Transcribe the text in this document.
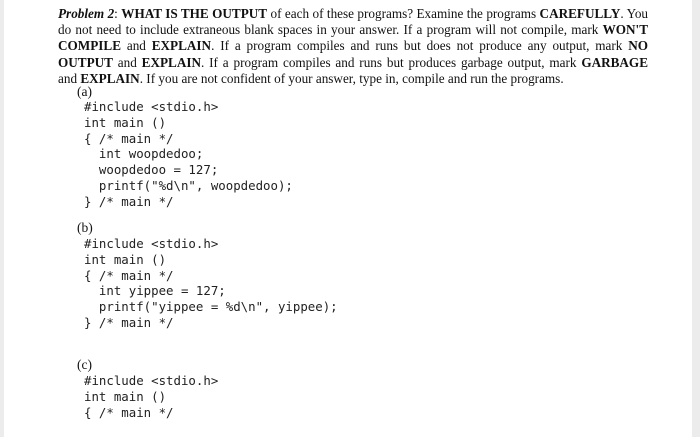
Problem 2: WHAT IS THE OUTPUT of each of these programs? Examine the programs CAREFULLY. You do not need to include extraneous blank spaces in your answer. If a program will not compile, mark WON'T COMPILE and EXPLAIN. If a program compiles and runs but does not produce any output, mark NO OUTPUT and EXPLAIN. If a program compiles and runs but produces garbage output, mark GARBAGE and EXPLAIN. If you are not confident of your answer, type in, compile and run the programs.

(a)
#include <stdio.h>
int main ()
{ /* main */
int woopdedoo;
woopdedoo = 127;
printf("%d\n", woopdedoo);
} /* main */
(b)
#include <stdio.h>
int main ()
{ /* main */
int yippee = 127;
printf("yippee = %d\n", yippee);
} /* main */
(c)
#include <stdio.h>
int main ()
{ /* main */
